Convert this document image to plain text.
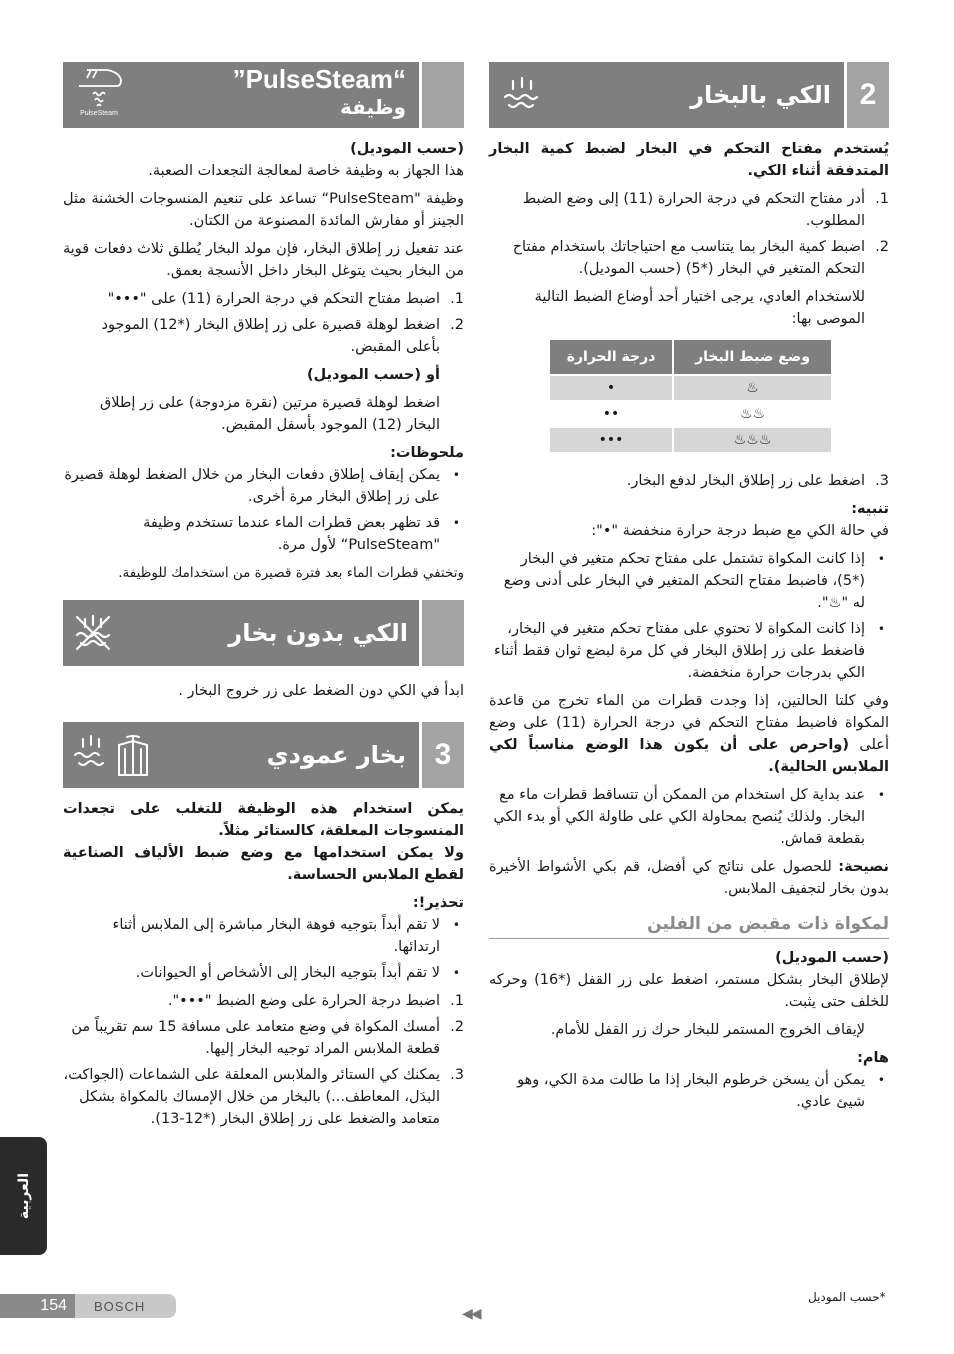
2
الكي بالبخار

يُستخدم مفتاح التحكم في البخار لضبط كمية البخار المتدفقة أثناء الكي.

1.
أدر مفتاح التحكم في درجة الحرارة (11) إلى وضع الضبط المطلوب.
2.
اضبط كمية البخار بما يتناسب مع احتياجاتك باستخدام مفتاح التحكم المتغير في البخار (*5) (حسب الموديل).
للاستخدام العادي، يرجى اختيار أحد أوضاع الضبط التالية الموصى بها:
وضع ضبط البخار	درجة الحرارة
♨	•
♨♨	••
♨♨♨	•••
3.
اضغط على زر إطلاق البخار لدفع البخار.

تنبيه:

في حالة الكي مع ضبط درجة حرارة منخفضة "•":

•
إذا كانت المكواة تشتمل على مفتاح تحكم متغير في البخار (*5)، فاضبط مفتاح التحكم المتغير في البخار على أدنى وضع له "♨".
•
إذا كانت المكواة لا تحتوي على مفتاح تحكم متغير في البخار، فاضغط على زر إطلاق البخار في كل مرة لبضع ثوان فقط أثناء الكي بدرجات حرارة منخفضة.

وفي كلتا الحالتين، إذا وجدت قطرات من الماء تخرج من قاعدة المكواة فاضبط مفتاح التحكم في درجة الحرارة (11) على وضع أعلى (واحرص على أن يكون هذا الوضع مناسباً لكي الملابس الحالية).

•
عند بداية كل استخدام من الممكن أن تتساقط قطرات ماء مع البخار. ولذلك يُنصح بمحاولة الكي على طاولة الكي أو بدء الكي بقطعة قماش.

نصيحة: للحصول على نتائج كي أفضل، قم بكي الأشواط الأخيرة بدون بخار لتجفيف الملابس.

لمكواة ذات مقبض من الفلين

(حسب الموديل)

لإطلاق البخار بشكل مستمر، اضغط على زر القفل (*16) وحركه للخلف حتى يثبت.

لإيقاف الخروج المستمر للبخار حرك زر القفل للأمام.

هام:

•
يمكن أن يسخن خرطوم البخار إذا ما طالت مدة الكي، وهو شيئ عادي.
“PulseSteam”
وظيفة
PulseSteam

(حسب الموديل)

هذا الجهاز به وظيفة خاصة لمعالجة التجعدات الصعبة.

وظيفة "PulseSteam“ تساعد على تنعيم المنسوجات الخشنة مثل الجينز أو مفارش المائدة المصنوعة من الكتان.

عند تفعيل زر إطلاق البخار، فإن مولد البخار يُطلق ثلاث دفعات قوية من البخار بحيث يتوغل البخار داخل الأنسجة بعمق.

1.
اضبط مفتاح التحكم في درجة الحرارة (11) على "•••"
2.
اضغط لوهلة قصيرة على زر إطلاق البخار (*12) الموجود بأعلى المقبض.
أو (حسب الموديل)
اضغط لوهلة قصيرة مرتين (نقرة مزدوجة) على زر إطلاق البخار (12) الموجود بأسفل المقبض.

ملحوظات:

•
يمكن إيقاف إطلاق دفعات البخار من خلال الضغط لوهلة قصيرة على زر إطلاق البخار مرة أخرى.
•
قد تظهر بعض قطرات الماء عندما تستخدم وظيفة "PulseSteam“ لأول مرة.

وتختفي قطرات الماء بعد فترة قصيرة من استخدامك للوظيفة.

الكي بدون بخار

ابدأ في الكي دون الضغط على زر خروج البخار .

3
بخار عمودي

يمكن استخدام هذه الوظيفة للتغلب على تجعدات المنسوجات المعلقة، كالستائر مثلاً.

ولا يمكن استخدامها مع وضع ضبط الألياف الصناعية لقطع الملابس الحساسة.

تحذير!:

•
لا تقم أبداً بتوجيه فوهة البخار مباشرة إلى الملابس أثناء ارتدائها.
•
لا تقم أبداً بتوجيه البخار إلى الأشخاص أو الحيوانات.
1.
اضبط درجة الحرارة على وضع الضبط "•••".
2.
أمسك المكواة في وضع متعامد على مسافة 15 سم تقريباً من قطعة الملابس المراد توجيه البخار إليها.
3.
يمكنك كي الستائر والملابس المعلقة على الشماعات (الجواكت، البدَل، المعاطف...) بالبخار من خلال الإمساك بالمكواة بشكل متعامد والضغط على زر إطلاق البخار (*12-13).
العربية
154	BOSCH	◀◀
*حسب الموديل
